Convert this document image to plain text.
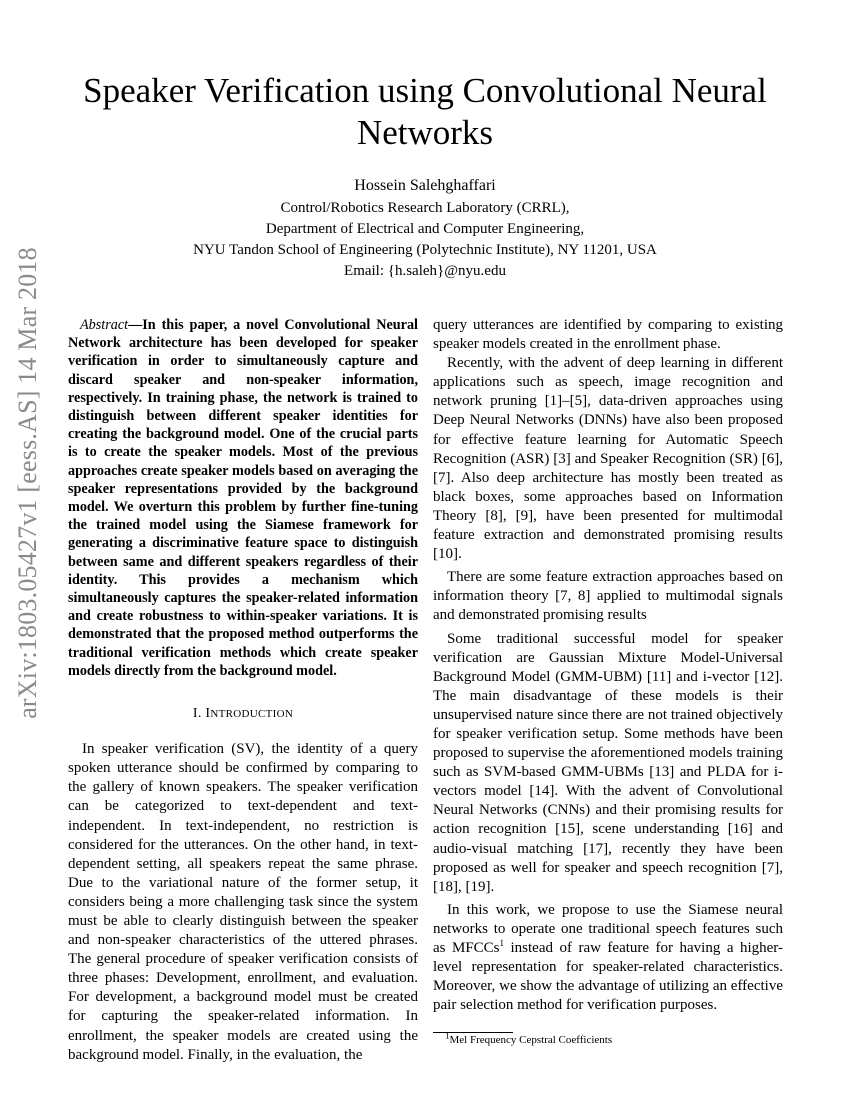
arXiv:1803.05427v1 [eess.AS] 14 Mar 2018
Speaker Verification using Convolutional Neural Networks
Hossein Salehghaffari
Control/Robotics Research Laboratory (CRRL),
Department of Electrical and Computer Engineering,
NYU Tandon School of Engineering (Polytechnic Institute), NY 11201, USA
Email: {h.saleh}@nyu.edu

Abstract—In this paper, a novel Convolutional Neural Network architecture has been developed for speaker verification in order to simultaneously capture and discard speaker and non-speaker information, respectively. In training phase, the network is trained to distinguish between different speaker identities for creating the background model. One of the crucial parts is to create the speaker models. Most of the previous approaches create speaker models based on averaging the speaker representations provided by the background model. We overturn this problem by further fine-tuning the trained model using the Siamese framework for generating a discriminative feature space to distinguish between same and different speakers regardless of their identity. This provides a mechanism which simultaneously captures the speaker-related information and create robustness to within-speaker variations. It is demonstrated that the proposed method outperforms the traditional verification methods which create speaker models directly from the background model.

I. INTRODUCTION

In speaker verification (SV), the identity of a query spoken utterance should be confirmed by comparing to the gallery of known speakers. The speaker verification can be categorized to text-dependent and text-independent. In text-independent, no restriction is considered for the utterances. On the other hand, in text-dependent setting, all speakers repeat the same phrase. Due to the variational nature of the former setup, it considers being a more challenging task since the system must be able to clearly distinguish between the speaker and non-speaker characteristics of the uttered phrases. The general procedure of speaker verification consists of three phases: Development, enrollment, and evaluation. For development, a background model must be created for capturing the speaker-related information. In enrollment, the speaker models are created using the background model. Finally, in the evaluation, the

query utterances are identified by comparing to existing speaker models created in the enrollment phase.

Recently, with the advent of deep learning in different applications such as speech, image recognition and network pruning [1]–[5], data-driven approaches using Deep Neural Networks (DNNs) have also been proposed for effective feature learning for Automatic Speech Recognition (ASR) [3] and Speaker Recognition (SR) [6], [7]. Also deep architecture has mostly been treated as black boxes, some approaches based on Information Theory [8], [9], have been presented for multimodal feature extraction and demonstrated promising results [10].

There are some feature extraction approaches based on information theory [7, 8] applied to multimodal signals and demonstrated promising results

Some traditional successful model for speaker verification are Gaussian Mixture Model-Universal Background Model (GMM-UBM) [11] and i-vector [12]. The main disadvantage of these models is their unsupervised nature since there are not trained objectively for speaker verification setup. Some methods have been proposed to supervise the aforementioned models training such as SVM-based GMM-UBMs [13] and PLDA for i-vectors model [14]. With the advent of Convolutional Neural Networks (CNNs) and their promising results for action recognition [15], scene understanding [16] and audio-visual matching [17], recently they have been proposed as well for speaker and speech recognition [7], [18], [19].

In this work, we propose to use the Siamese neural networks to operate one traditional speech features such as MFCCs$^1$ instead of raw feature for having a higher-level representation for speaker-related characteristics. Moreover, we show the advantage of utilizing an effective pair selection method for verification purposes.

$^1$Mel Frequency Cepstral Coefficients
